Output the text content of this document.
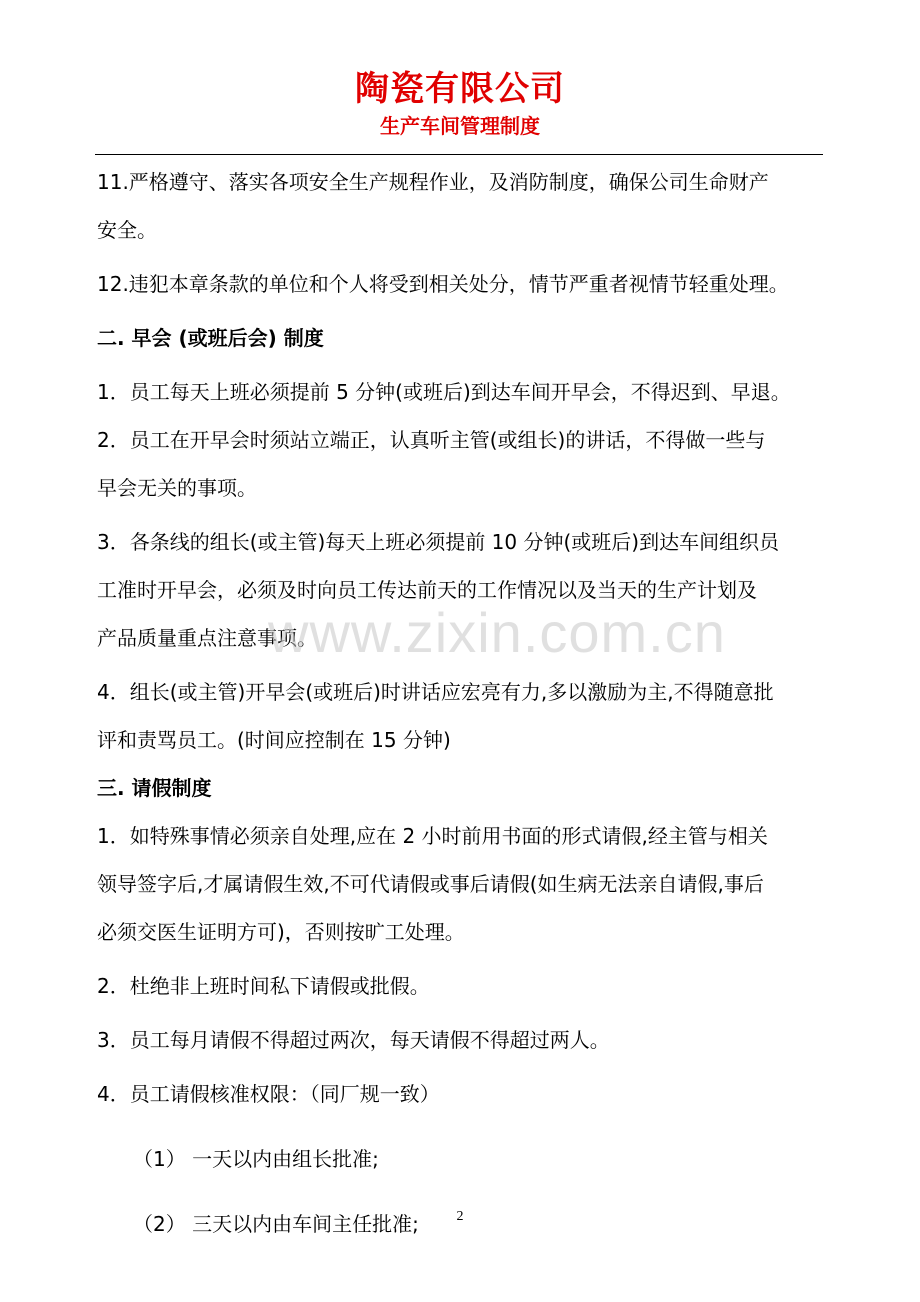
陶瓷有限公司
生产车间管理制度
11.严格遵守、落实各项安全生产规程作业，及消防制度，确保公司生命财产
安全。
12.违犯本章条款的单位和个人将受到相关处分，情节严重者视情节轻重处理。
二. 早会 (或班后会) 制度
1．员工每天上班必须提前 5 分钟(或班后)到达车间开早会，不得迟到、早退。
2．员工在开早会时须站立端正，认真听主管(或组长)的讲话，不得做一些与
早会无关的事项。
3．各条线的组长(或主管)每天上班必须提前 10 分钟(或班后)到达车间组织员
工准时开早会，必须及时向员工传达前天的工作情况以及当天的生产计划及
产品质量重点注意事项。
4．组长(或主管)开早会(或班后)时讲话应宏亮有力,多以激励为主,不得随意批
评和责骂员工。(时间应控制在 15 分钟)
三. 请假制度
1．如特殊事情必须亲自处理,应在 2 小时前用书面的形式请假,经主管与相关
领导签字后,才属请假生效,不可代请假或事后请假(如生病无法亲自请假,事后
必须交医生证明方可)，否则按旷工处理。
2．杜绝非上班时间私下请假或批假。
3．员工每月请假不得超过两次，每天请假不得超过两人。
4．员工请假核准权限：（同厂规一致）
（1） 一天以内由组长批准;
（2） 三天以内由车间主任批准;
www.zixin.com.cn
2
